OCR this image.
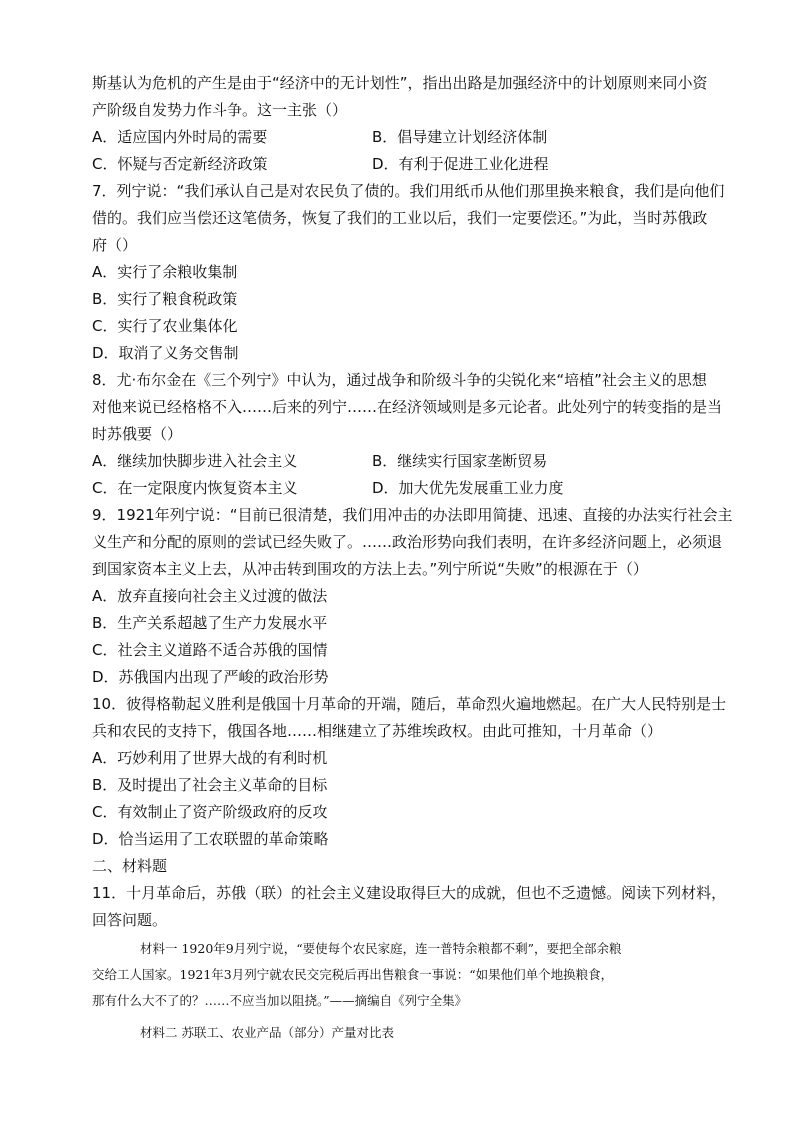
斯基认为危机的产生是由于“经济中的无计划性”，指出出路是加强经济中的计划原则来同小资
产阶级自发势力作斗争。这一主张（）
A．适应国内外时局的需要	B．倡导建立计划经济体制
C．怀疑与否定新经济政策	D．有利于促进工业化进程
7．列宁说：“我们承认自己是对农民负了债的。我们用纸币从他们那里换来粮食，我们是向他们
借的。我们应当偿还这笔债务，恢复了我们的工业以后，我们一定要偿还。”为此，当时苏俄政
府（）
A．实行了余粮收集制
B．实行了粮食税政策
C．实行了农业集体化
D．取消了义务交售制
8．尤·布尔金在《三个列宁》中认为，通过战争和阶级斗争的尖锐化来“培植”社会主义的思想
对他来说已经格格不入……后来的列宁……在经济领域则是多元论者。此处列宁的转变指的是当
时苏俄要（）
A．继续加快脚步进入社会主义	B．继续实行国家垄断贸易
C．在一定限度内恢复资本主义	D．加大优先发展重工业力度
9．1921年列宁说：“目前已很清楚，我们用冲击的办法即用简捷、迅速、直接的办法实行社会主
义生产和分配的原则的尝试已经失败了。……政治形势向我们表明，在许多经济问题上，必须退
到国家资本主义上去，从冲击转到围攻的方法上去。”列宁所说“失败”的根源在于（）
A．放弃直接向社会主义过渡的做法
B．生产关系超越了生产力发展水平
C．社会主义道路不适合苏俄的国情
D．苏俄国内出现了严峻的政治形势
10．彼得格勒起义胜利是俄国十月革命的开端，随后，革命烈火遍地燃起。在广大人民特别是士
兵和农民的支持下，俄国各地……相继建立了苏维埃政权。由此可推知，十月革命（）
A．巧妙利用了世界大战的有利时机
B．及时提出了社会主义革命的目标
C．有效制止了资产阶级政府的反攻
D．恰当运用了工农联盟的革命策略
二、材料题
11．十月革命后，苏俄（联）的社会主义建设取得巨大的成就，但也不乏遗憾。阅读下列材料，
回答问题。
材料一 1920年9月列宁说，“要使每个农民家庭，连一普特余粮都不剩”，要把全部余粮
交给工人国家。1921年3月列宁就农民交完税后再出售粮食一事说：“如果他们单个地换粮食，
那有什么大不了的？……不应当加以阻挠。”——摘编自《列宁全集》
材料二 苏联工、农业产品（部分）产量对比表
